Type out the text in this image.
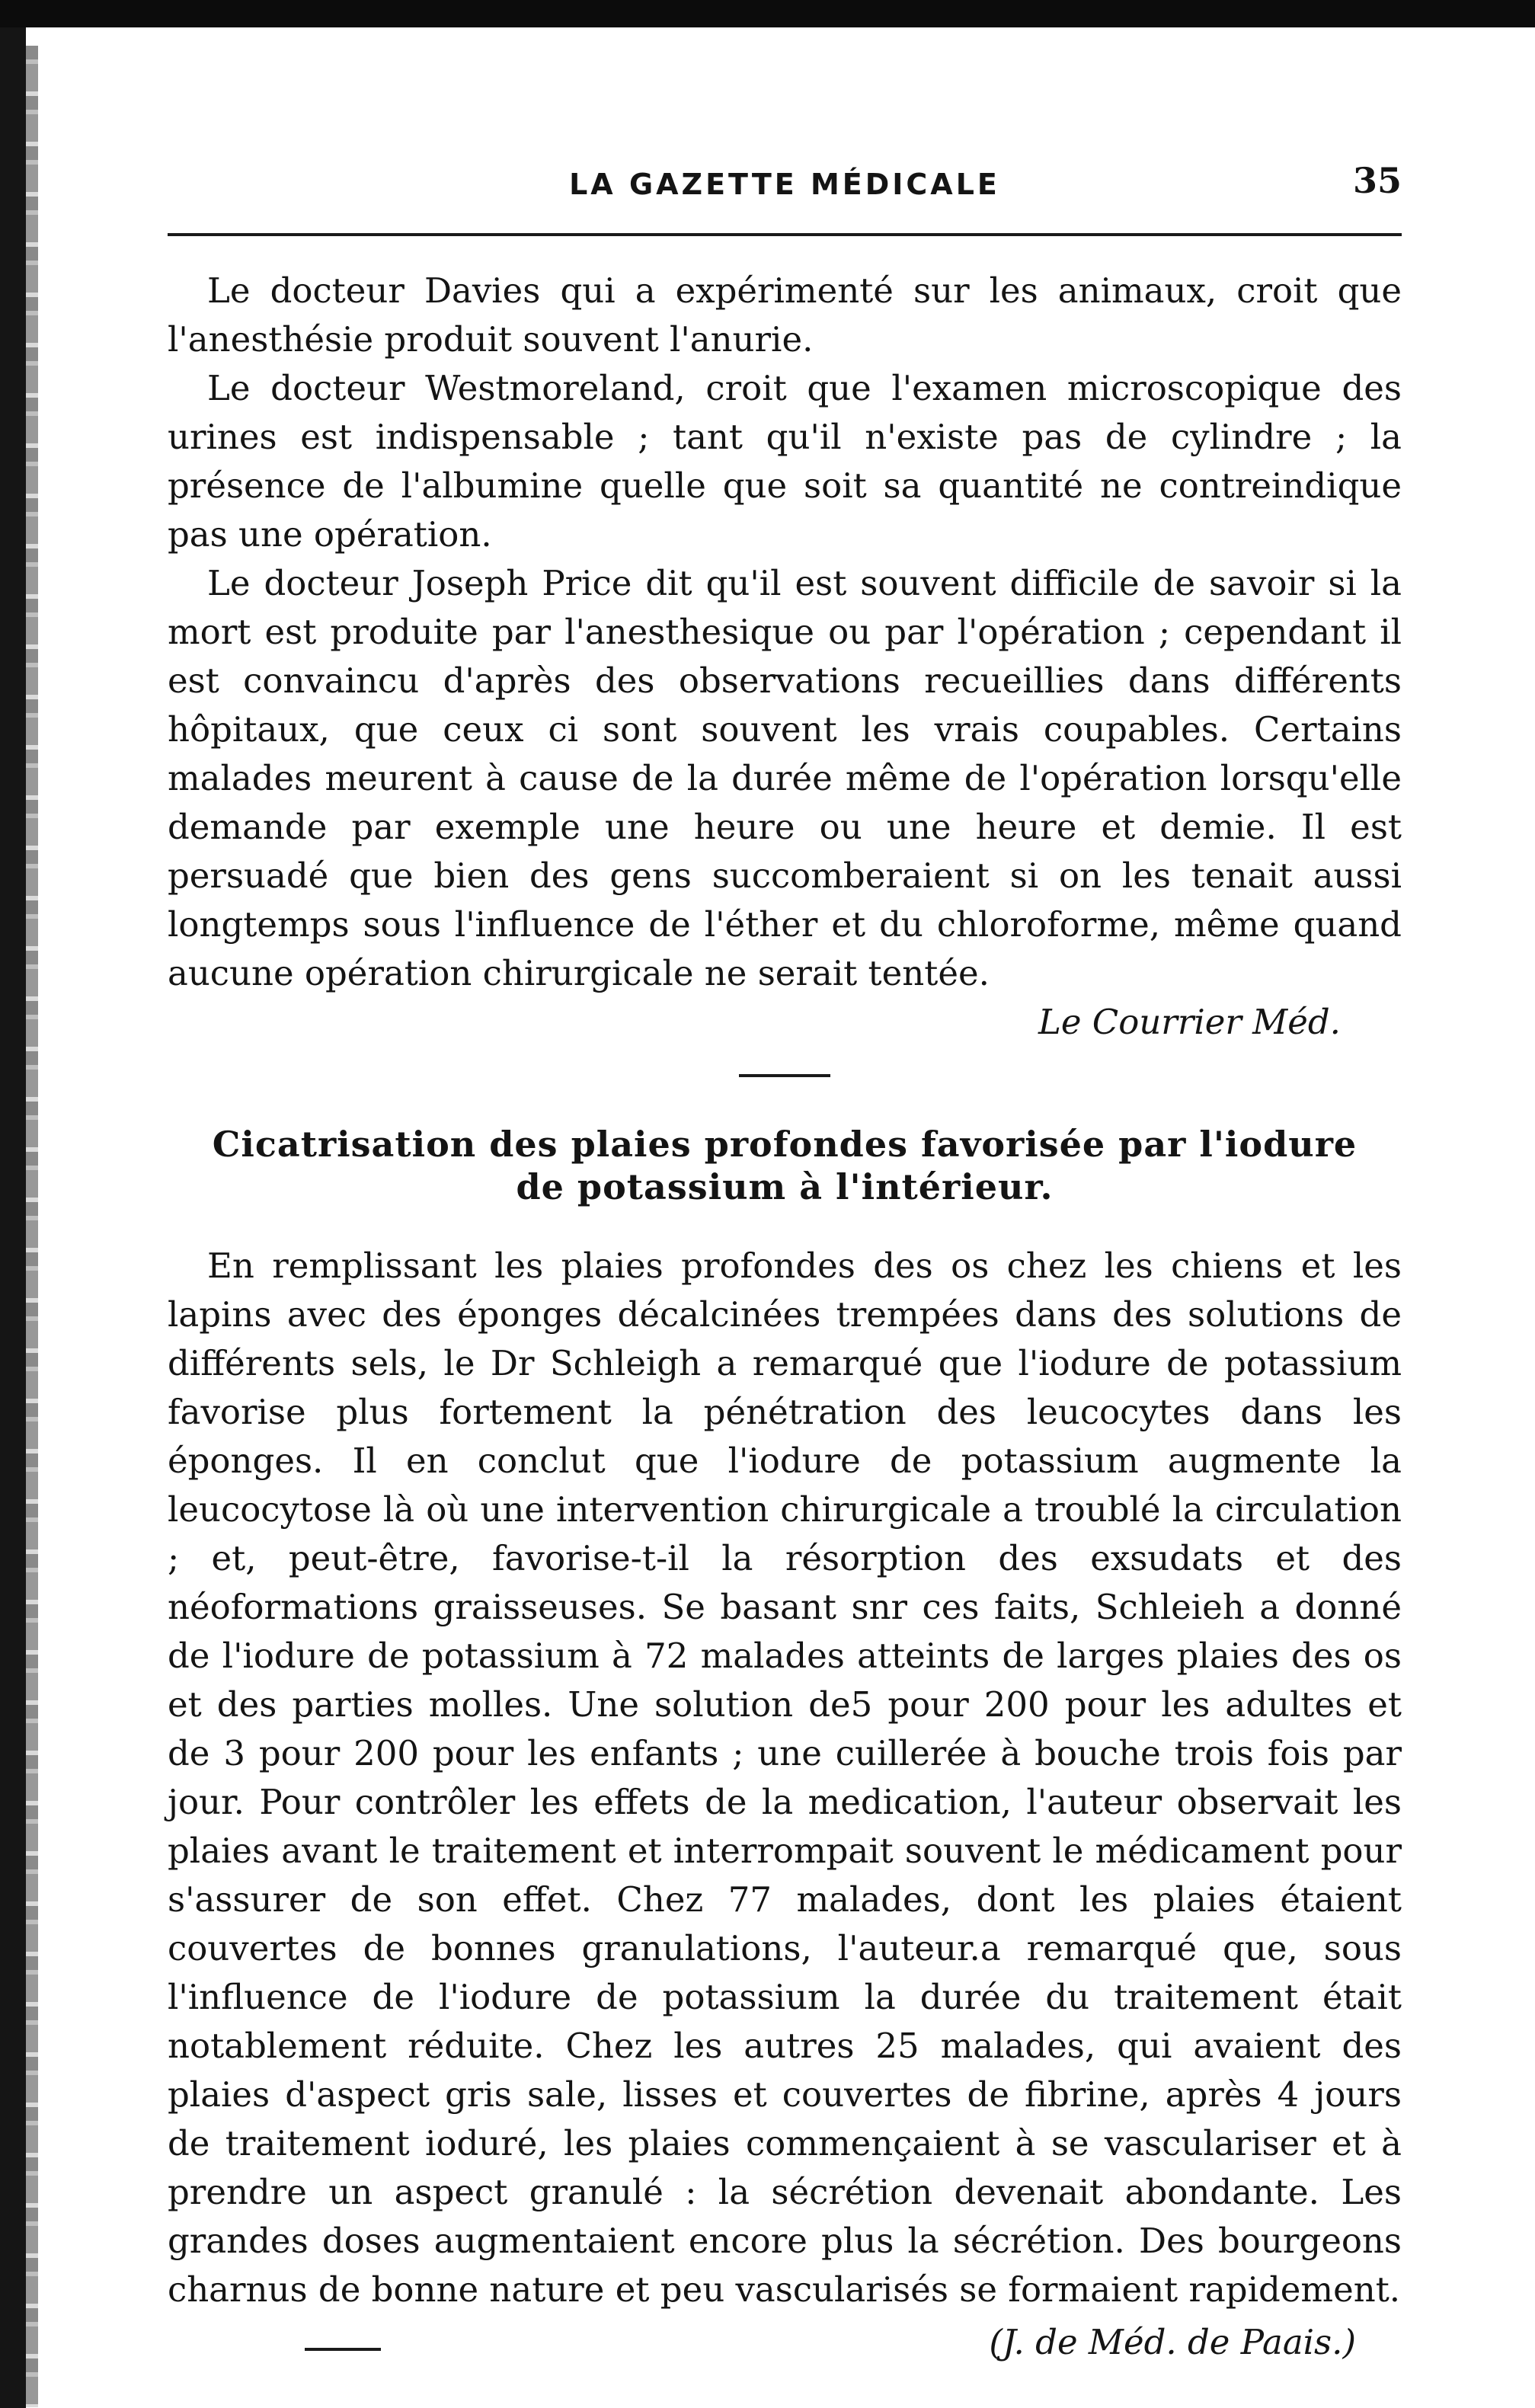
LA GAZETTE MÉDICALE	35

Le docteur Davies qui a expérimenté sur les animaux, croit que l'anesthésie produit souvent l'anurie.

Le docteur Westmoreland, croit que l'examen microscopique des urines est indispensable ; tant qu'il n'existe pas de cylindre ; la présence de l'albumine quelle que soit sa quantité ne contreindique pas une opération.

Le docteur Joseph Price dit qu'il est souvent difficile de savoir si la mort est produite par l'anesthesique ou par l'opération ; cependant il est convaincu d'après des observations recueillies dans différents hôpitaux, que ceux ci sont souvent les vrais coupables. Certains malades meurent à cause de la durée même de l'opération lorsqu'elle demande par exemple une heure ou une heure et demie. Il est persuadé que bien des gens succomberaient si on les tenait aussi longtemps sous l'influence de l'éther et du chloroforme, même quand aucune opération chirurgicale ne serait tentée.

Le Courrier Méd.
Cicatrisation des plaies profondes favorisée par l'iodure
de potassium à l'intérieur.

En remplissant les plaies profondes des os chez les chiens et les lapins avec des éponges décalcinées trempées dans des solutions de différents sels, le Dr Schleigh a remarqué que l'iodure de potassium favorise plus fortement la pénétration des leucocytes dans les éponges. Il en conclut que l'iodure de potassium augmente la leucocytose là où une intervention chirurgicale a troublé la circulation ; et, peut-être, favorise-t-il la résorption des exsudats et des néoformations graisseuses. Se basant snr ces faits, Schleieh a donné de l'iodure de potassium à 72 malades atteints de larges plaies des os et des parties molles. Une solution de5 pour 200 pour les adultes et de 3 pour 200 pour les enfants ; une cuillerée à bouche trois fois par jour. Pour contrôler les effets de la medication, l'auteur observait les plaies avant le traitement et interrompait souvent le médicament pour s'assurer de son effet. Chez 77 malades, dont les plaies étaient couvertes de bonnes granulations, l'auteur.a remarqué que, sous l'influence de l'iodure de potassium la durée du traitement était notablement réduite. Chez les autres 25 malades, qui avaient des plaies d'aspect gris sale, lisses et couvertes de fibrine, après 4 jours de traitement ioduré, les plaies commençaient à se vasculariser et à prendre un aspect granulé : la sécrétion devenait abondante. Les grandes doses augmentaient encore plus la sécrétion. Des bourgeons charnus de bonne nature et peu vascularisés se formaient rapidement.

(J. de Méd. de Paais.)
